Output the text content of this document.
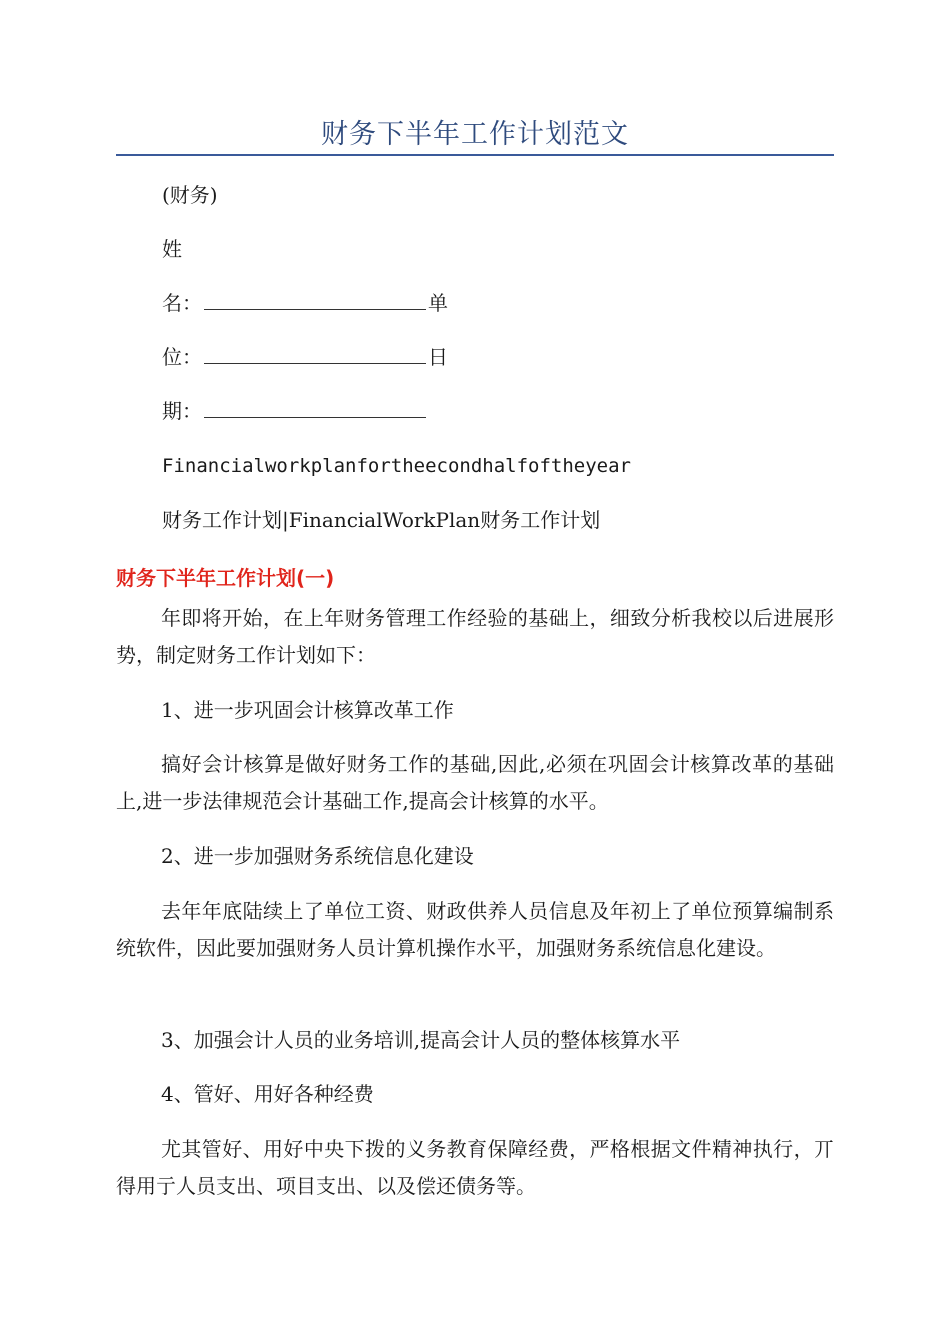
财务下半年工作计划范文

(财务)

姓

名：	单

位：	日

期：

Financialworkplanfortheecondhalfoftheyear

财务工作计划|FinancialWorkPlan财务工作计划

财务下半年工作计划(一)

年即将开始，在上年财务管理工作经验的基础上，细致分析我校以后进展形势，制定财务工作计划如下：

1、进一步巩固会计核算改革工作

搞好会计核算是做好财务工作的基础,因此,必须在巩固会计核算改革的基础上,进一步法律规范会计基础工作,提高会计核算的水平。

2、进一步加强财务系统信息化建设

去年年底陆续上了单位工资、财政供养人员信息及年初上了单位预算编制系统软件，因此要加强财务人员计算机操作水平，加强财务系统信息化建设。

3、加强会计人员的业务培训,提高会计人员的整体核算水平

4、管好、用好各种经费

尤其管好、用好中央下拨的义务教育保障经费，严格根据文件精神执行，丌得用亍人员支出、项目支出、以及偿还债务等。
